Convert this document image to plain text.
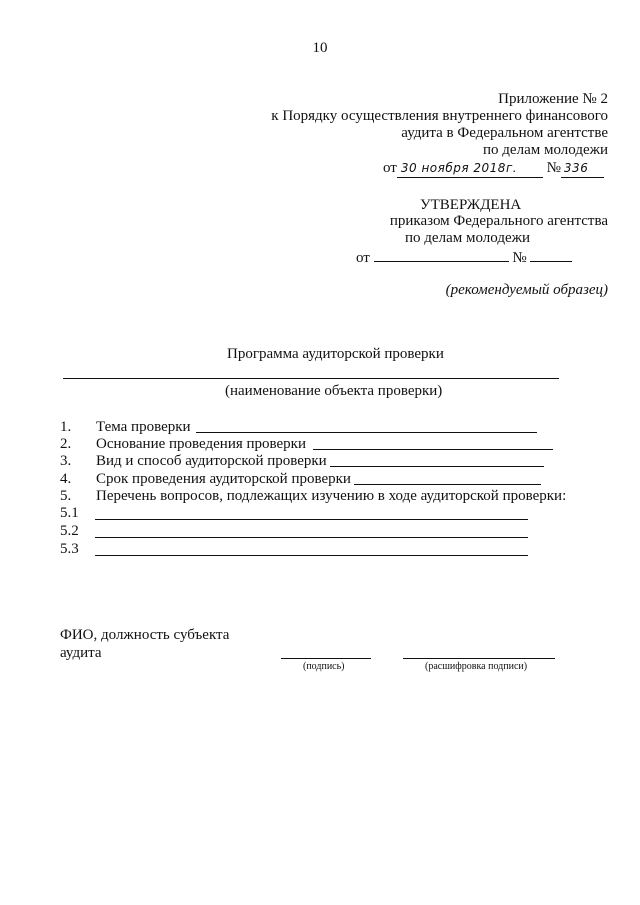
10
Приложение № 2
к Порядку осуществления внутреннего финансового
аудита в Федеральном агентстве
по делам молодежи
от 30 ноября 2018г. № 336
УТВЕРЖДЕНА
приказом Федерального агентства
по делам молодежи
от	№
(рекомендуемый образец)
Программа аудиторской проверки
(наименование объекта проверки)
1. Тема проверки
2. Основание проведения проверки
3. Вид и способ аудиторской проверки
4. Срок проведения аудиторской проверки
5. Перечень вопросов, подлежащих изучению в ходе аудиторской проверки:
5.1
5.2
5.3
ФИО, должность субъекта
аудита
(подпись)	(расшифровка подписи)
